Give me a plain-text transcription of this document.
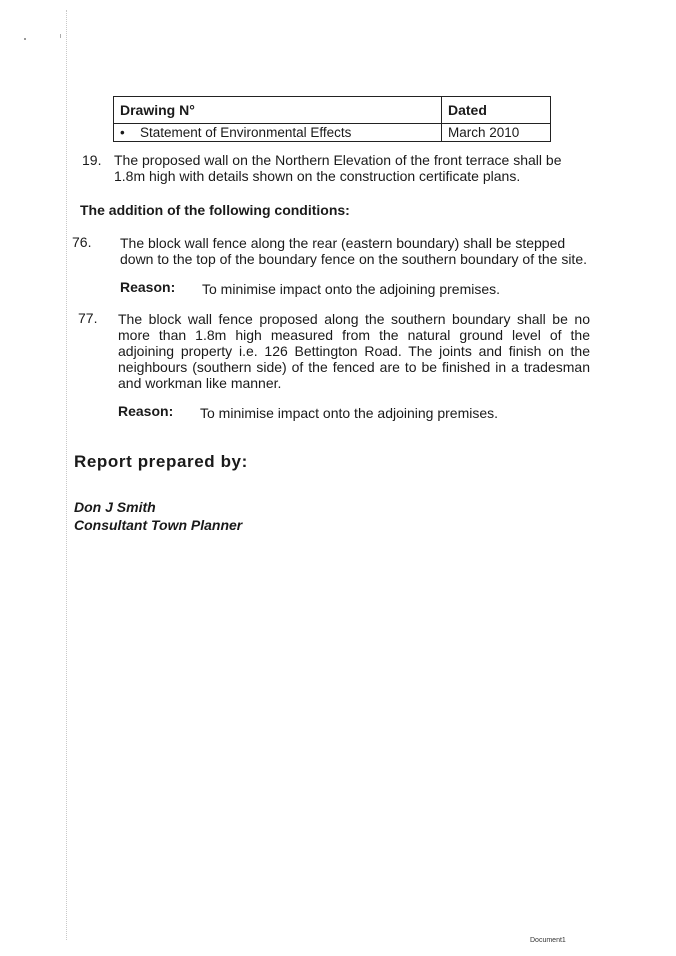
Drawing N°	Dated
• Statement of Environmental Effects	March 2010
19. The proposed wall on the Northern Elevation of the front terrace shall be 1.8m high with details shown on the construction certificate plans.
The addition of the following conditions:
76. The block wall fence along the rear (eastern boundary) shall be stepped down to the top of the boundary fence on the southern boundary of the site.
Reason: To minimise impact onto the adjoining premises.
77. The block wall fence proposed along the southern boundary shall be no more than 1.8m high measured from the natural ground level of the adjoining property i.e. 126 Bettington Road. The joints and finish on the neighbours (southern side) of the fenced are to be finished in a tradesman and workman like manner.
Reason: To minimise impact onto the adjoining premises.
Report prepared by:
Don J Smith
Consultant Town Planner
Document1
